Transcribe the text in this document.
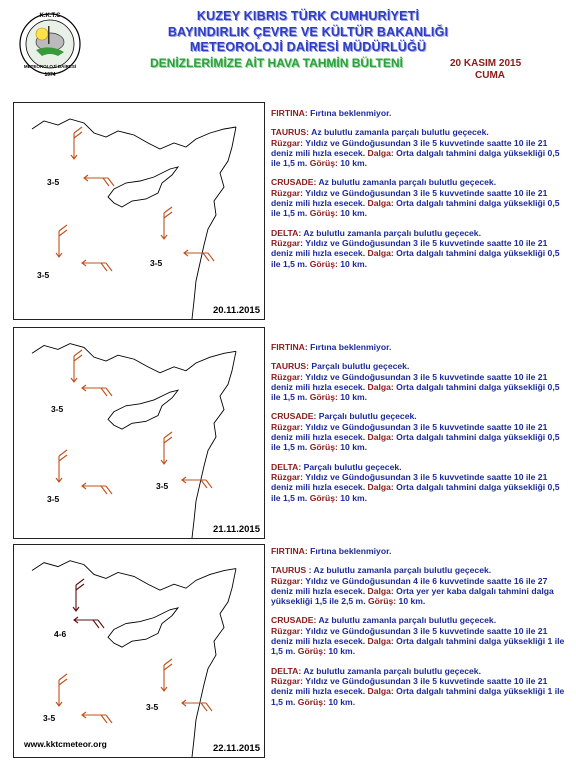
K.K.T.C
METEOROLOJİ DAİRESİ
1974
KUZEY KIBRIS TÜRK CUMHURİYETİ
BAYINDIRLIK ÇEVRE VE KÜLTÜR BAKANLIĞI
METEOROLOJİ DAİRESİ MÜDÜRLÜĞÜ
DENİZLERİMİZE AİT HAVA TAHMİN BÜLTENİ	20 KASIM 2015
CUMA
3-5
3-5
3-5
20.11.2015
3-5
3-5
3-5
21.11.2015
4-6
3-5
3-5
22.11.2015
www.kktcmeteor.org

FIRTINA: Fırtına beklenmiyor.

TAURUS: Az bulutlu zamanla parçalı bulutlu geçecek.
Rüzgar: Yıldız ve Gündoğusundan 3 ile 5 kuvvetinde saatte 10 ile 21 deniz mili hızla esecek. Dalga: Orta dalgalı tahmini dalga yüksekliği 0,5 ile 1,5 m. Görüş: 10 km.

CRUSADE: Az bulutlu zamanla parçalı bulutlu geçecek.
Rüzgar: Yıldız ve Gündoğusundan 3 ile 5 kuvvetinde saatte 10 ile 21 deniz mili hızla esecek. Dalga: Orta dalgalı tahmini dalga yüksekliği 0,5 ile 1,5 m. Görüş: 10 km.

DELTA: Az bulutlu zamanla parçalı bulutlu geçecek.
Rüzgar: Yıldız ve Gündoğusundan 3 ile 5 kuvvetinde saatte 10 ile 21 deniz mili hızla esecek. Dalga: Orta dalgalı tahmini dalga yüksekliği 0,5 ile 1,5 m. Görüş: 10 km.

FIRTINA: Fırtına beklenmiyor.

TAURUS: Parçalı bulutlu geçecek.
Rüzgar: Yıldız ve Gündoğusundan 3 ile 5 kuvvetinde saatte 10 ile 21 deniz mili hızla esecek. Dalga: Orta dalgalı tahmini dalga yüksekliği 0,5 ile 1,5 m. Görüş: 10 km.

CRUSADE: Parçalı bulutlu geçecek.
Rüzgar: Yıldız ve Gündoğusundan 3 ile 5 kuvvetinde saatte 10 ile 21 deniz mili hızla esecek. Dalga: Orta dalgalı tahmini dalga yüksekliği 0,5 ile 1,5 m. Görüş: 10 km.

DELTA: Parçalı bulutlu geçecek.
Rüzgar: Yıldız ve Gündoğusundan 3 ile 5 kuvvetinde saatte 10 ile 21 deniz mili hızla esecek. Dalga: Orta dalgalı tahmini dalga yüksekliği 0,5 ile 1,5 m. Görüş: 10 km.

FIRTINA: Fırtına beklenmiyor.

TAURUS : Az bulutlu zamanla parçalı bulutlu geçecek.
Rüzgar: Yıldız ve Gündoğusundan 4 ile 6 kuvvetinde saatte 16 ile 27 deniz mili hızla esecek. Dalga: Orta yer yer kaba dalgalı tahmini dalga yüksekliği 1,5 ile 2,5 m. Görüş: 10 km.

CRUSADE: Az bulutlu zamanla parçalı bulutlu geçecek.
Rüzgar: Yıldız ve Gündoğusundan 3 ile 5 kuvvetinde saatte 10 ile 21 deniz mili hızla esecek. Dalga: Orta dalgalı tahmini dalga yüksekliği 1 ile 1,5 m. Görüş: 10 km.

DELTA: Az bulutlu zamanla parçalı bulutlu geçecek.
Rüzgar: Yıldız ve Gündoğusundan 3 ile 5 kuvvetinde saatte 10 ile 21 deniz mili hızla esecek. Dalga: Orta dalgalı tahmini dalga yüksekliği 1 ile 1,5 m. Görüş: 10 km.
